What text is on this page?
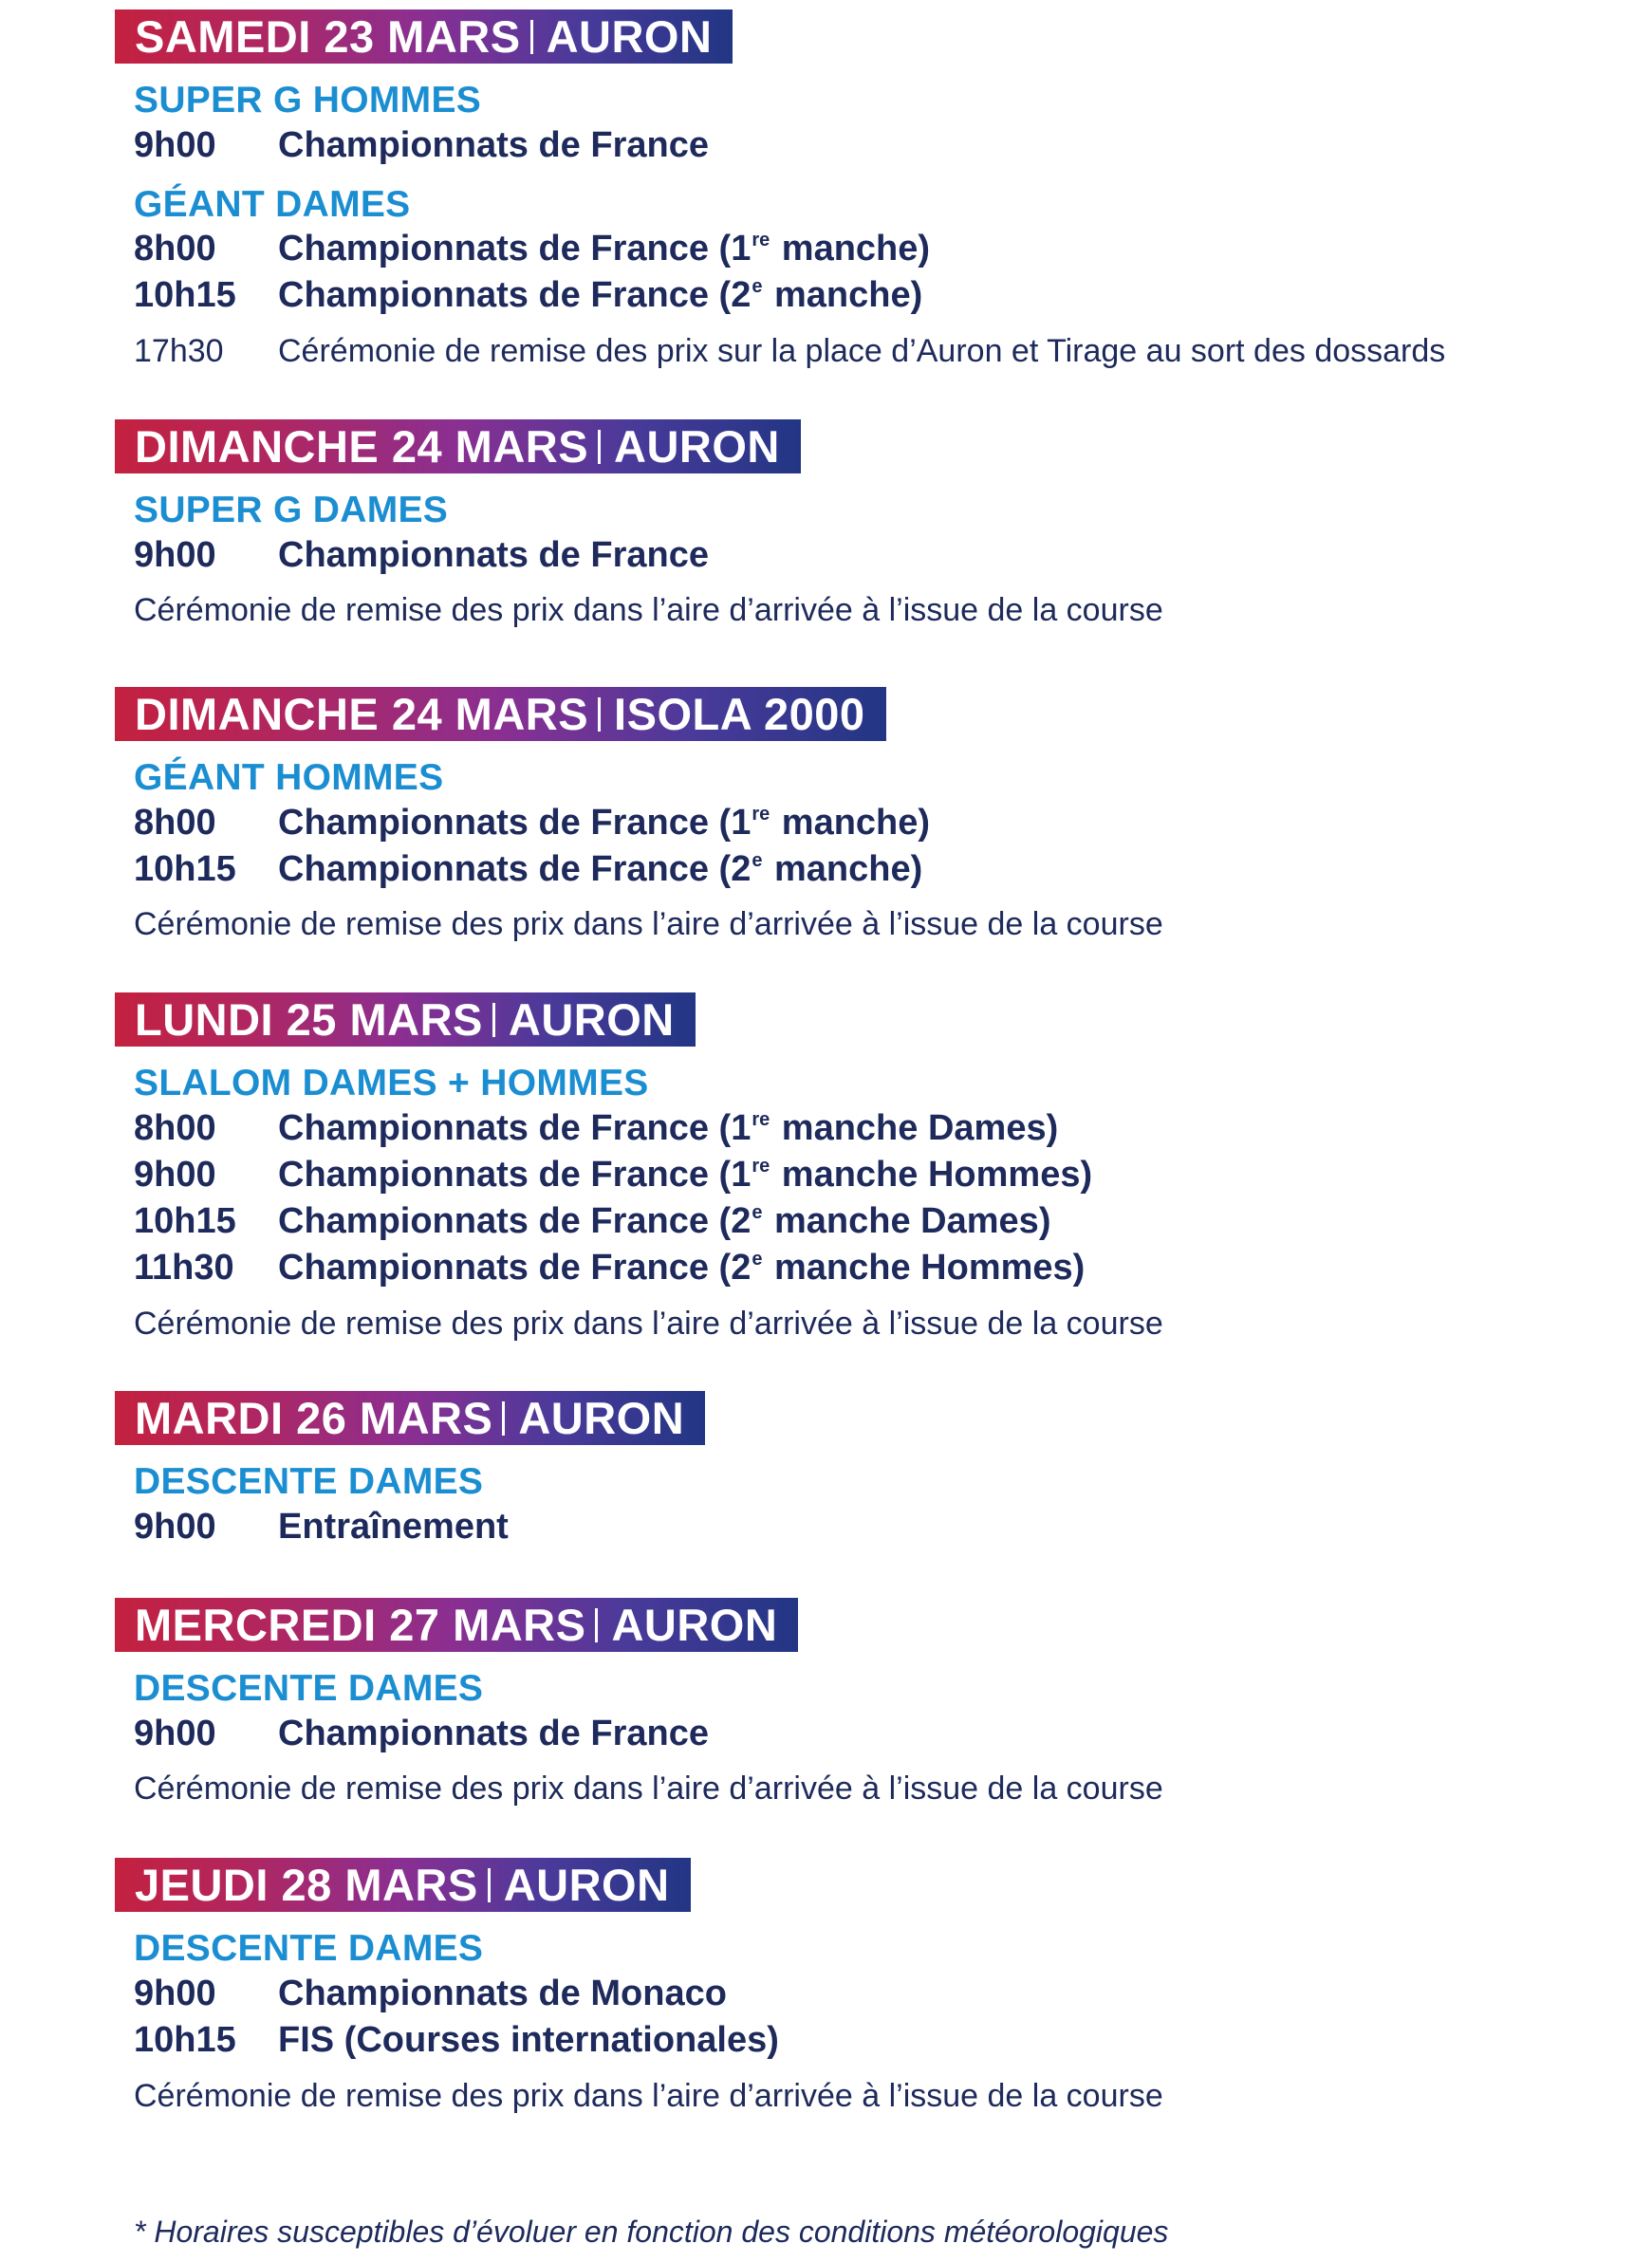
SAMEDI 23 MARS AURON
SUPER G HOMMES
9h00 Championnats de France
GÉANT DAMES
8h00 Championnats de France (1re manche)
10h15 Championnats de France (2e manche)
17h30 Cérémonie de remise des prix sur la place d’Auron et Tirage au sort des dossards
DIMANCHE 24 MARS AURON
SUPER G DAMES
9h00 Championnats de France
Cérémonie de remise des prix dans l’aire d’arrivée à l’issue de la course
DIMANCHE 24 MARS ISOLA 2000
GÉANT HOMMES
8h00 Championnats de France (1re manche)
10h15 Championnats de France (2e manche)
Cérémonie de remise des prix dans l’aire d’arrivée à l’issue de la course
LUNDI 25 MARS AURON
SLALOM DAMES + HOMMES
8h00 Championnats de France (1re manche Dames)
9h00 Championnats de France (1re manche Hommes)
10h15 Championnats de France (2e manche Dames)
11h30 Championnats de France (2e manche Hommes)
Cérémonie de remise des prix dans l’aire d’arrivée à l’issue de la course
MARDI 26 MARS AURON
DESCENTE DAMES
9h00 Entraînement
MERCREDI 27 MARS AURON
DESCENTE DAMES
9h00 Championnats de France
Cérémonie de remise des prix dans l’aire d’arrivée à l’issue de la course
JEUDI 28 MARS AURON
DESCENTE DAMES
9h00 Championnats de Monaco
10h15 FIS (Courses internationales)
Cérémonie de remise des prix dans l’aire d’arrivée à l’issue de la course
* Horaires susceptibles d’évoluer en fonction des conditions météorologiques
